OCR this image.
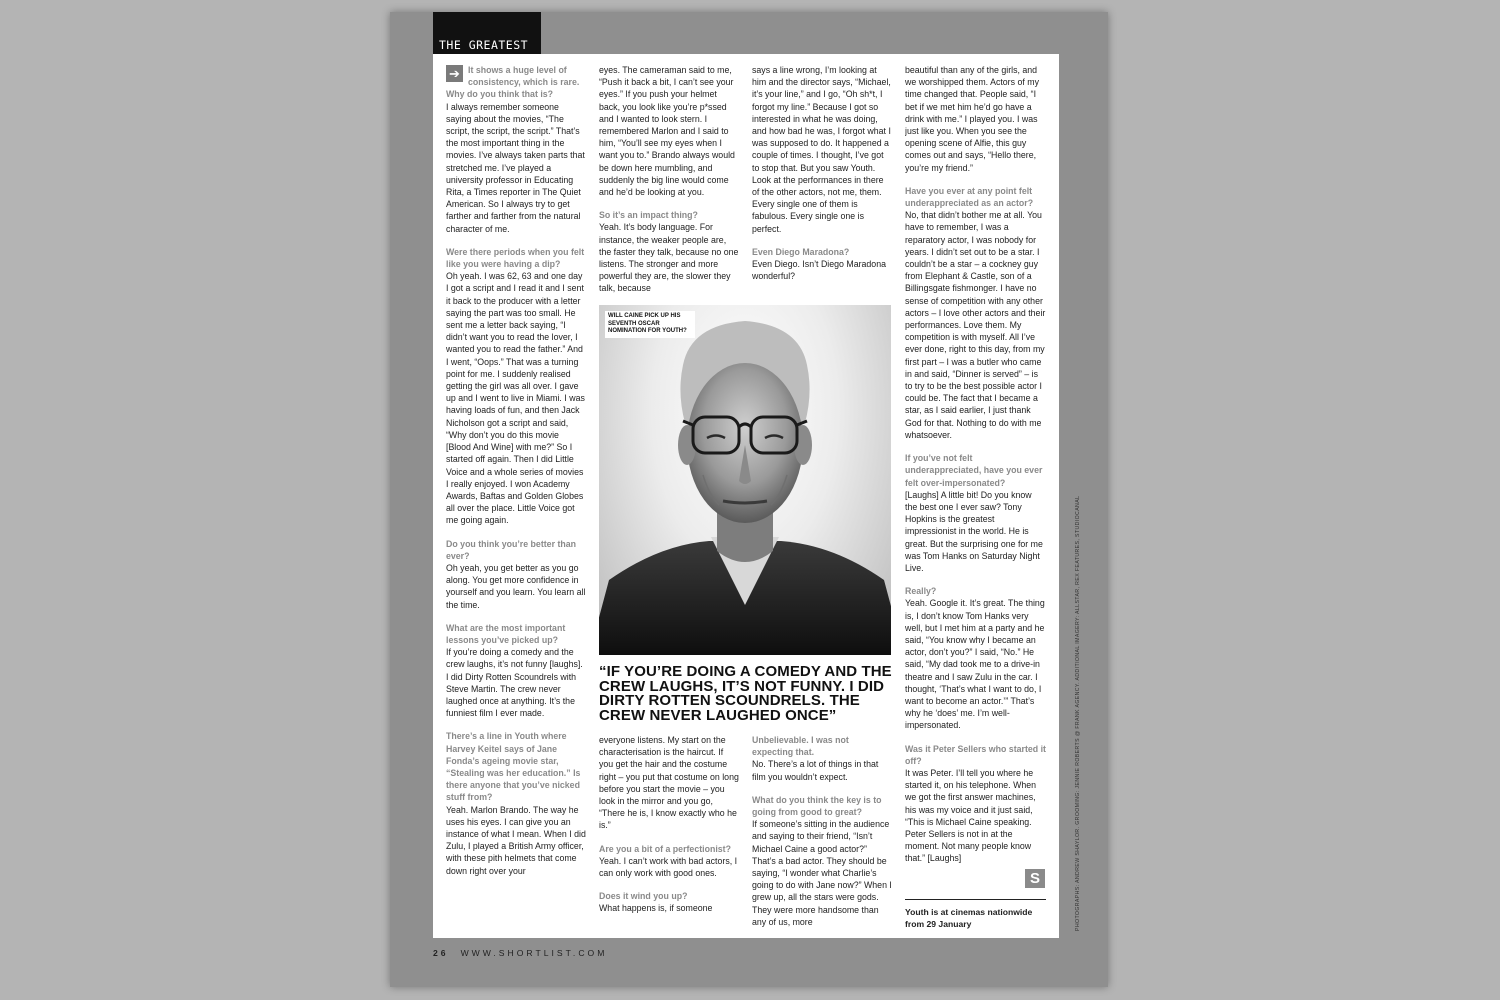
THE GREATEST

➔ It shows a huge level of consistency, which is rare. Why do you think that is?
I always remember someone saying about the movies, “The script, the script, the script.” That’s the most important thing in the movies. I’ve always taken parts that stretched me. I’ve played a university professor in Educating Rita, a Times reporter in The Quiet American. So I always try to get farther and farther from the natural character of me.

Were there periods when you felt like you were having a dip?
Oh yeah. I was 62, 63 and one day I got a script and I read it and I sent it back to the producer with a letter saying the part was too small. He sent me a letter back saying, “I didn’t want you to read the lover, I wanted you to read the father.” And I went, “Oops.” That was a turning point for me. I suddenly realised getting the girl was all over. I gave up and I went to live in Miami. I was having loads of fun, and then Jack Nicholson got a script and said, “Why don’t you do this movie [Blood And Wine] with me?” So I started off again. Then I did Little Voice and a whole series of movies I really enjoyed. I won Academy Awards, Baftas and Golden Globes all over the place. Little Voice got me going again.

Do you think you’re better than ever?
Oh yeah, you get better as you go along. You get more confidence in yourself and you learn. You learn all the time.

What are the most important lessons you’ve picked up?
If you’re doing a comedy and the crew laughs, it’s not funny [laughs]. I did Dirty Rotten Scoundrels with Steve Martin. The crew never laughed once at anything. It’s the funniest film I ever made.

There’s a line in Youth where Harvey Keitel says of Jane Fonda’s ageing movie star, “Stealing was her education.” Is there anyone that you’ve nicked stuff from?
Yeah. Marlon Brando. The way he uses his eyes. I can give you an instance of what I mean. When I did Zulu, I played a British Army officer, with these pith helmets that come down right over your

eyes. The cameraman said to me, “Push it back a bit, I can’t see your eyes.” If you push your helmet back, you look like you’re p*ssed and I wanted to look stern. I remembered Marlon and I said to him, “You’ll see my eyes when I want you to.” Brando always would be down here mumbling, and suddenly the big line would come and he’d be looking at you.

So it’s an impact thing?
Yeah. It’s body language. For instance, the weaker people are, the faster they talk, because no one listens. The stronger and more powerful they are, the slower they talk, because

says a line wrong, I’m looking at him and the director says, “Michael, it’s your line,” and I go, “Oh sh*t, I forgot my line.” Because I got so interested in what he was doing, and how bad he was, I forgot what I was supposed to do. It happened a couple of times. I thought, I’ve got to stop that. But you saw Youth. Look at the performances in there of the other actors, not me, them. Every single one of them is fabulous. Every single one is perfect.

Even Diego Maradona?
Even Diego. Isn’t Diego Maradona wonderful?

WILL CAINE PICK UP HIS SEVENTH OSCAR NOMINATION FOR YOUTH?
“IF YOU’RE DOING A COMEDY AND THE CREW LAUGHS, IT’S NOT FUNNY. I DID DIRTY ROTTEN SCOUNDRELS. THE CREW NEVER LAUGHED ONCE”

everyone listens. My start on the characterisation is the haircut. If you get the hair and the costume right – you put that costume on long before you start the movie – you look in the mirror and you go, “There he is, I know exactly who he is.”

Are you a bit of a perfectionist?
Yeah. I can’t work with bad actors, I can only work with good ones.

Does it wind you up?
What happens is, if someone

Unbelievable. I was not expecting that.
No. There’s a lot of things in that film you wouldn’t expect.

What do you think the key is to going from good to great?
If someone’s sitting in the audience and saying to their friend, “Isn’t Michael Caine a good actor?” That’s a bad actor. They should be saying, “I wonder what Charlie’s going to do with Jane now?” When I grew up, all the stars were gods. They were more handsome than any of us, more

beautiful than any of the girls, and we worshipped them. Actors of my time changed that. People said, “I bet if we met him he’d go have a drink with me.” I played you. I was just like you. When you see the opening scene of Alfie, this guy comes out and says, “Hello there, you’re my friend.”

Have you ever at any point felt underappreciated as an actor?
No, that didn’t bother me at all. You have to remember, I was a reparatory actor, I was nobody for years. I didn’t set out to be a star. I couldn’t be a star – a cockney guy from Elephant & Castle, son of a Billingsgate fishmonger. I have no sense of competition with any other actors – I love other actors and their performances. Love them. My competition is with myself. All I’ve ever done, right to this day, from my first part – I was a butler who came in and said, “Dinner is served” – is to try to be the best possible actor I could be. The fact that I became a star, as I said earlier, I just thank God for that. Nothing to do with me whatsoever.

If you’ve not felt underappreciated, have you ever felt over-impersonated?
[Laughs] A little bit! Do you know the best one I ever saw? Tony Hopkins is the greatest impressionist in the world. He is great. But the surprising one for me was Tom Hanks on Saturday Night Live.

Really?
Yeah. Google it. It’s great. The thing is, I don’t know Tom Hanks very well, but I met him at a party and he said, “You know why I became an actor, don’t you?” I said, “No.” He said, “My dad took me to a drive-in theatre and I saw Zulu in the car. I thought, ‘That’s what I want to do, I want to become an actor.’” That’s why he ‘does’ me. I’m well-impersonated.

Was it Peter Sellers who started it off?
It was Peter. I’ll tell you where he started it, on his telephone. When we got the first answer machines, his was my voice and it just said, “This is Michael Caine speaking. Peter Sellers is not in at the moment. Not many people know that.” [Laughs]

S
Youth is at cinemas nationwide from 29 January
26 WWW.SHORTLIST.COM
PHOTOGRAPHS: ANDREW SHAYLOR. GROOMING: JENNIE ROBERTS @ FRANK AGENCY. ADDITIONAL IMAGERY: ALLSTAR, REX FEATURES, STUDIOCANAL
